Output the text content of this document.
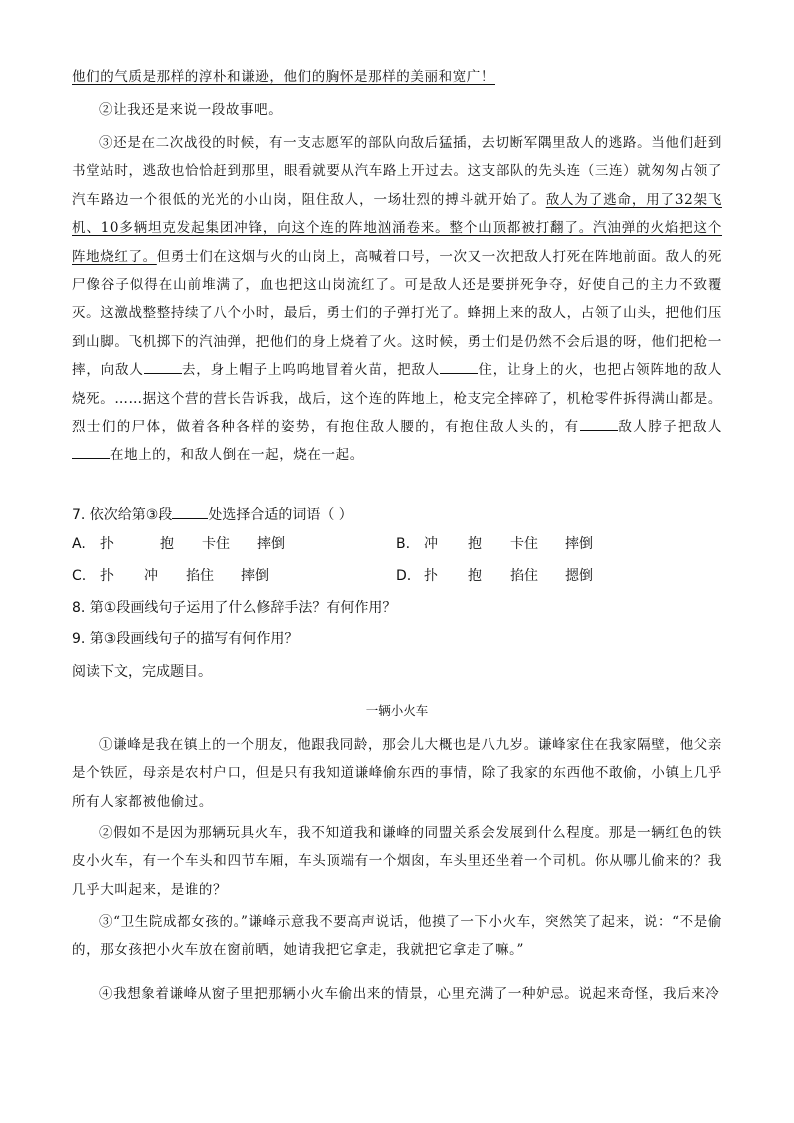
他们的气质是那样的淳朴和谦逊，他们的胸怀是那样的美丽和宽广！
②让我还是来说一段故事吧。
③还是在二次战役的时候，有一支志愿军的部队向敌后猛插，去切断军隅里敌人的逃路。当他们赶到书堂站时，逃敌也恰恰赶到那里，眼看就要从汽车路上开过去。这支部队的先头连（三连）就匆匆占领了汽车路边一个很低的光光的小山岗，阻住敌人，一场壮烈的搏斗就开始了。敌人为了逃命，用了32架飞机、10多辆坦克发起集团冲锋，向这个连的阵地汹涌卷来。整个山顶都被打翻了。汽油弹的火焰把这个阵地烧红了。但勇士们在这烟与火的山岗上，高喊着口号，一次又一次把敌人打死在阵地前面。敌人的死尸像谷子似得在山前堆满了，血也把这山岗流红了。可是敌人还是要拼死争夺，好使自己的主力不致覆灭。这激战整整持续了八个小时，最后，勇士们的子弹打光了。蜂拥上来的敌人，占领了山头，把他们压到山脚。飞机掷下的汽油弹，把他们的身上烧着了火。这时候，勇士们是仍然不会后退的呀，他们把枪一摔，向敌人	去，身上帽子上呜呜地冒着火苗，把敌人	住，让身上的火，也把占领阵地的敌人烧死。……据这个营的营长告诉我，战后，这个连的阵地上，枪支完全摔碎了，机枪零件拆得满山都是。烈士们的尸体，做着各种各样的姿势，有抱住敌人腰的，有抱住敌人头的，有	敌人脖子把敌人在地上的，和敌人倒在一起，烧在一起。
7. 依次给第③段	处选择合适的词语（ ）
A. 扑	抱 卡住 摔倒	B. 冲 抱 卡住 摔倒
C. 扑 冲 掐住 摔倒	D. 扑 抱 掐住 摁倒
8. 第①段画线句子运用了什么修辞手法？有何作用？
9. 第③段画线句子的描写有何作用？
阅读下文，完成题目。
一辆小火车
①谦峰是我在镇上的一个朋友，他跟我同龄，那会儿大概也是八九岁。谦峰家住在我家隔壁，他父亲是个铁匠，母亲是农村户口，但是只有我知道谦峰偷东西的事情，除了我家的东西他不敢偷，小镇上几乎所有人家都被他偷过。
②假如不是因为那辆玩具火车，我不知道我和谦峰的同盟关系会发展到什么程度。那是一辆红色的铁皮小火车，有一个车头和四节车厢，车头顶端有一个烟囱，车头里还坐着一个司机。你从哪儿偷来的？我几乎大叫起来，是谁的？
③“卫生院成都女孩的。”谦峰示意我不要高声说话，他摸了一下小火车，突然笑了起来，说：“不是偷的，那女孩把小火车放在窗前晒，她请我把它拿走，我就把它拿走了嘛。”
④我想象着谦峰从窗子里把那辆小火车偷出来的情景，心里充满了一种妒忌。说起来奇怪，我后来冷
